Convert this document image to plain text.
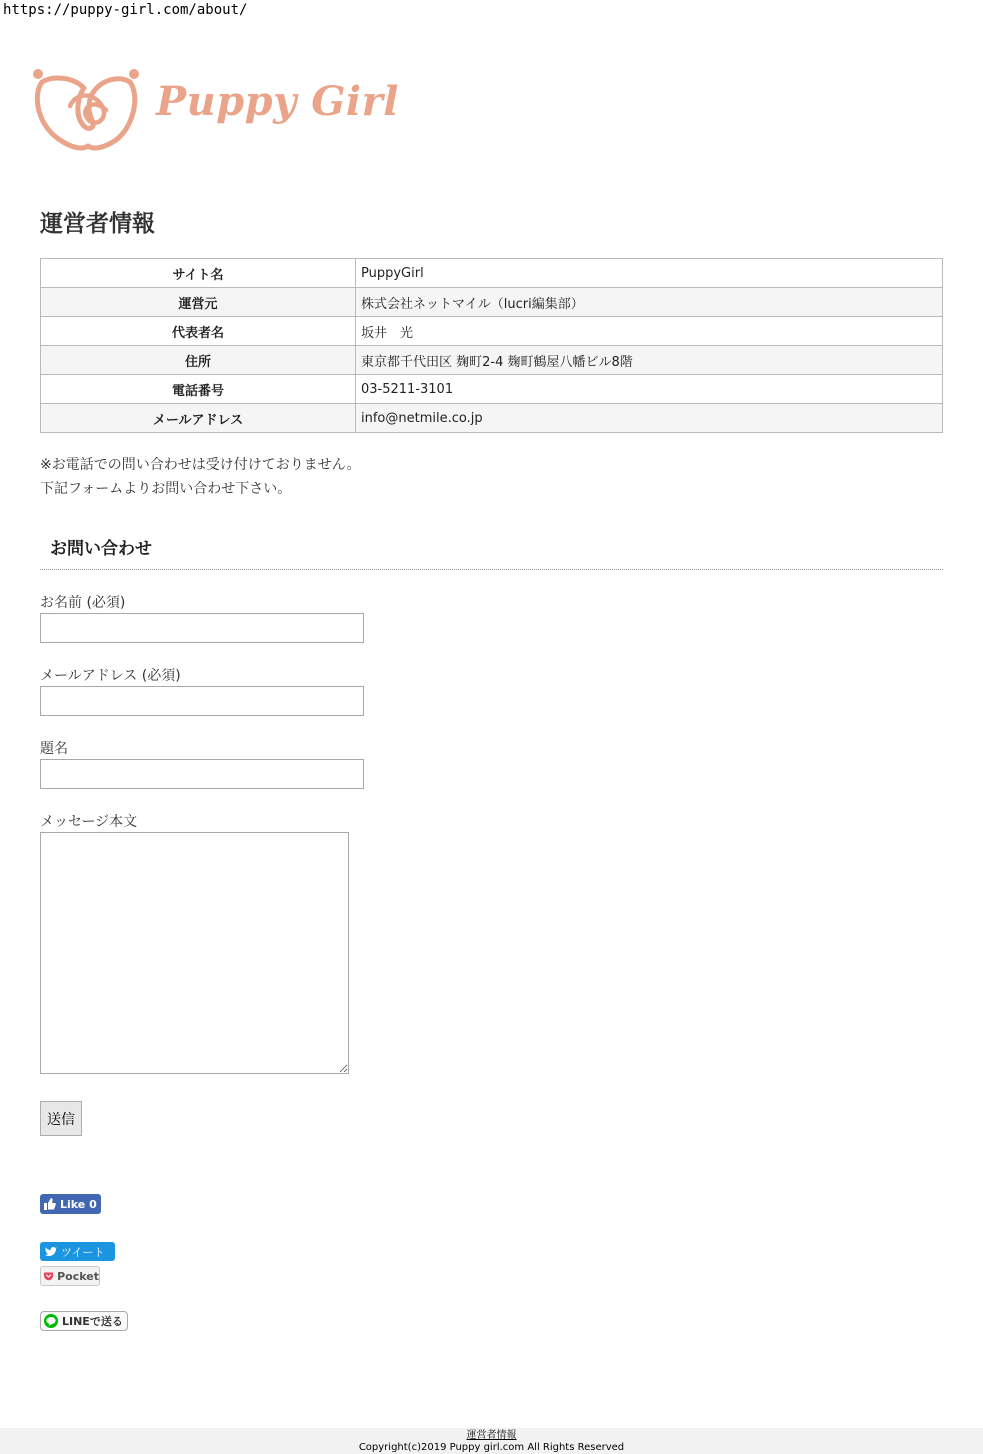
https://puppy-girl.com/about/
Puppy Girl
運営者情報
サイト名	PuppyGirl
運営元	株式会社ネットマイル（lucri編集部）
代表者名	坂井　光
住所	東京都千代田区 麹町2-4 麹町鶴屋八幡ビル8階
電話番号	03-5211-3101
メールアドレス	info@netmile.co.jp
※お電話での問い合わせは受け付けておりません。
下記フォームよりお問い合わせ下さい。
お問い合わせ
お名前 (必須)
メールアドレス (必須)
題名
メッセージ本文
送信
Like 0
ツイート
Pocket
LINEで送る
運営者情報
Copyright(c)2019 Puppy girl.com All Rights Reserved
